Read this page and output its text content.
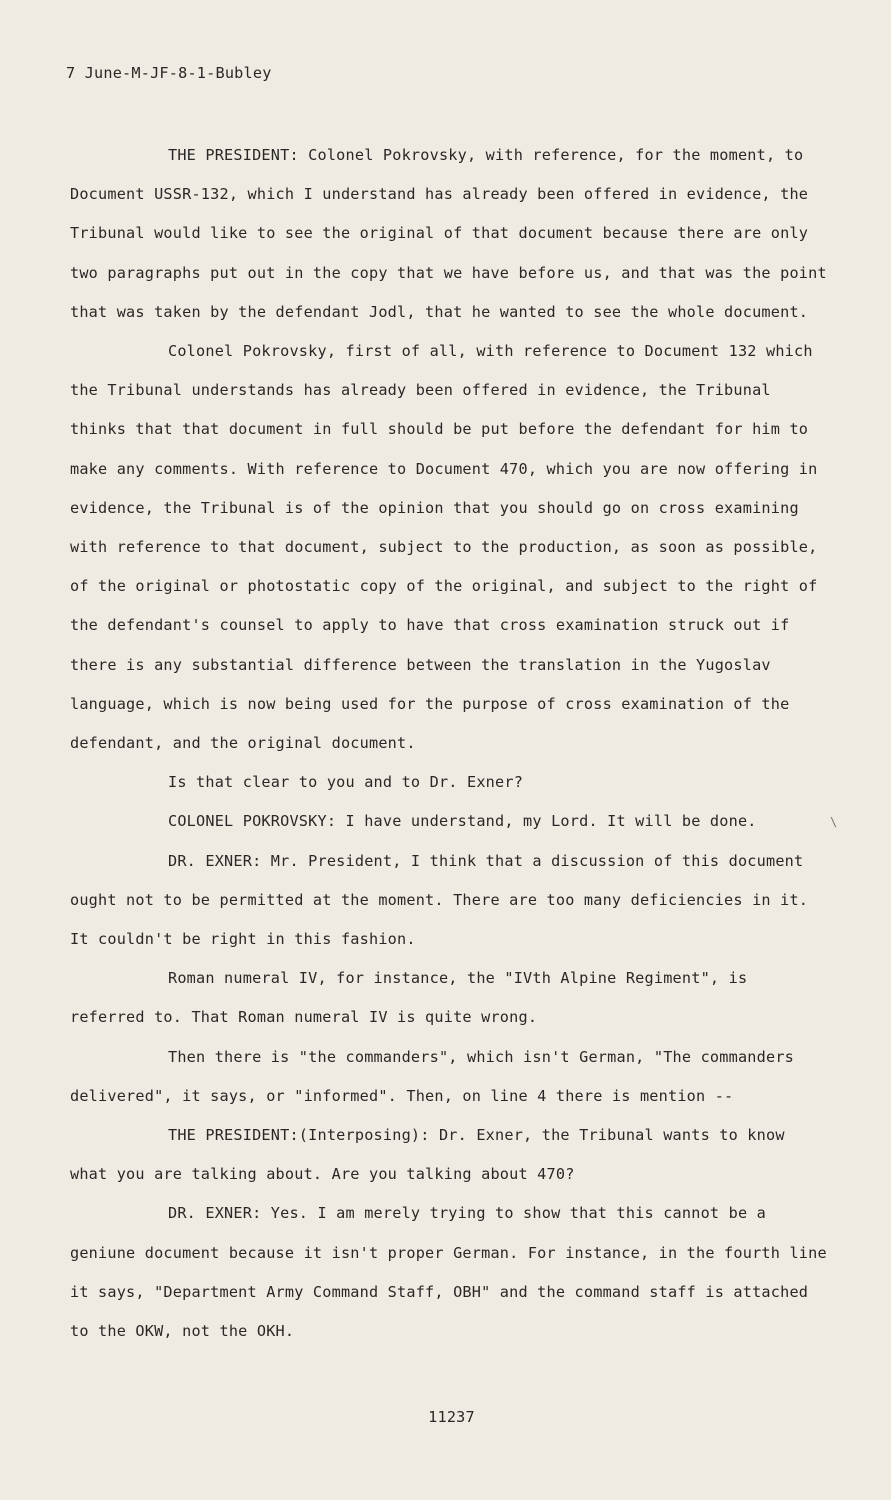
7 June-M-JF-8-1-Bubley

THE PRESIDENT: Colonel Pokrovsky, with reference, for the moment, to Document USSR-132, which I understand has already been offered in evidence, the Tribunal would like to see the original of that document because there are only two paragraphs put out in the copy that we have before us, and that was the point that was taken by the defendant Jodl, that he wanted to see the whole document.

Colonel Pokrovsky, first of all, with reference to Document 132 which the Tribunal understands has already been offered in evidence, the Tribunal thinks that that document in full should be put before the defendant for him to make any comments. With reference to Document 470, which you are now offering in evidence, the Tribunal is of the opinion that you should go on cross examining with reference to that document, subject to the production, as soon as possible, of the original or photostatic copy of the original, and subject to the right of the defendant's counsel to apply to have that cross examination struck out if there is any substantial difference between the translation in the Yugoslav language, which is now being used for the purpose of cross examination of the defendant, and the original document.

Is that clear to you and to Dr. Exner?

COLONEL POKROVSKY: I have understand, my Lord. It will be done.

DR. EXNER: Mr. President, I think that a discussion of this document ought not to be permitted at the moment. There are too many deficiencies in it. It couldn't be right in this fashion.

Roman numeral IV, for instance, the "IVth Alpine Regiment", is referred to. That Roman numeral IV is quite wrong.

Then there is "the commanders", which isn't German, "The commanders delivered", it says, or "informed". Then, on line 4 there is mention --

THE PRESIDENT:(Interposing): Dr. Exner, the Tribunal wants to know what you are talking about. Are you talking about 470?

DR. EXNER: Yes. I am merely trying to show that this cannot be a geniune document because it isn't proper German. For instance, in the fourth line it says, "Department Army Command Staff, OBH" and the command staff is attached to the OKW, not the OKH.

11237
\
